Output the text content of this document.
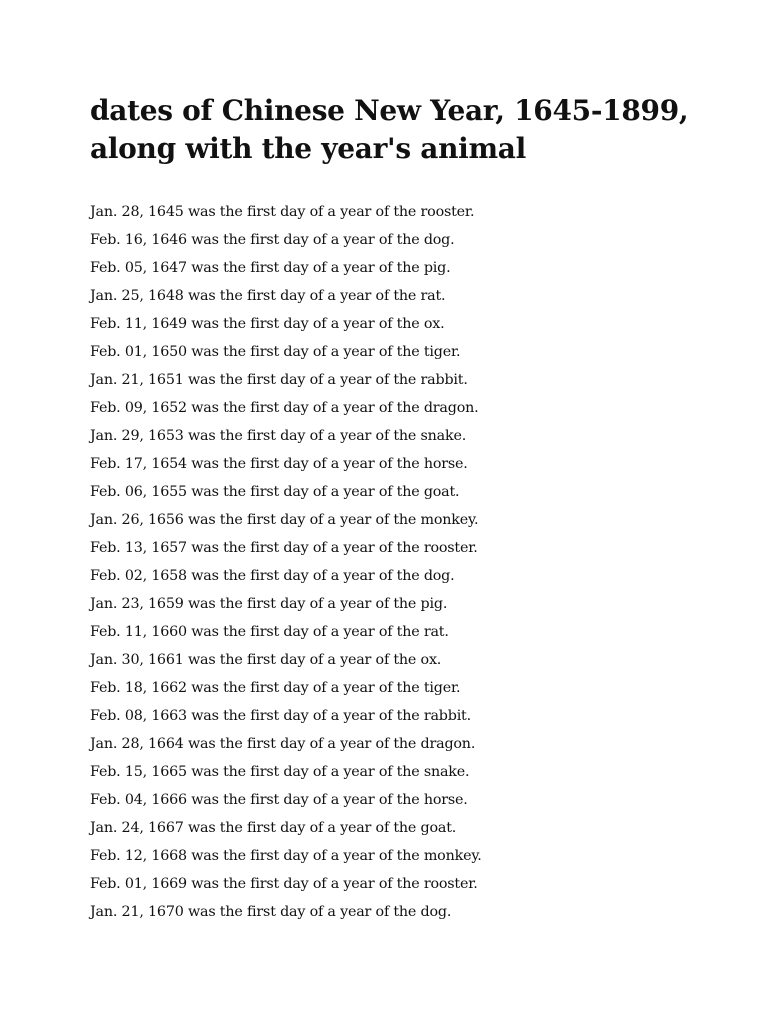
dates of Chinese New Year, 1645-1899, along with the year's animal
Jan. 28, 1645 was the first day of a year of the rooster.
Feb. 16, 1646 was the first day of a year of the dog.
Feb. 05, 1647 was the first day of a year of the pig.
Jan. 25, 1648 was the first day of a year of the rat.
Feb. 11, 1649 was the first day of a year of the ox.
Feb. 01, 1650 was the first day of a year of the tiger.
Jan. 21, 1651 was the first day of a year of the rabbit.
Feb. 09, 1652 was the first day of a year of the dragon.
Jan. 29, 1653 was the first day of a year of the snake.
Feb. 17, 1654 was the first day of a year of the horse.
Feb. 06, 1655 was the first day of a year of the goat.
Jan. 26, 1656 was the first day of a year of the monkey.
Feb. 13, 1657 was the first day of a year of the rooster.
Feb. 02, 1658 was the first day of a year of the dog.
Jan. 23, 1659 was the first day of a year of the pig.
Feb. 11, 1660 was the first day of a year of the rat.
Jan. 30, 1661 was the first day of a year of the ox.
Feb. 18, 1662 was the first day of a year of the tiger.
Feb. 08, 1663 was the first day of a year of the rabbit.
Jan. 28, 1664 was the first day of a year of the dragon.
Feb. 15, 1665 was the first day of a year of the snake.
Feb. 04, 1666 was the first day of a year of the horse.
Jan. 24, 1667 was the first day of a year of the goat.
Feb. 12, 1668 was the first day of a year of the monkey.
Feb. 01, 1669 was the first day of a year of the rooster.
Jan. 21, 1670 was the first day of a year of the dog.
